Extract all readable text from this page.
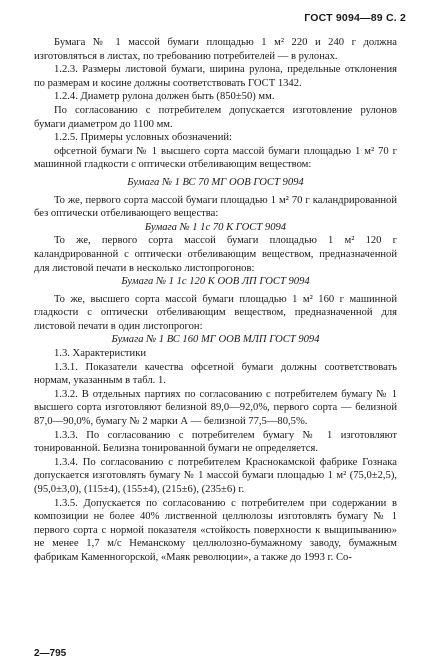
ГОСТ 9094—89 С. 2

Бумага № 1 массой бумаги площадью 1 м² 220 и 240 г должна изготовляться в листах, по требованию потребителей — в рулонах.

1.2.3. Размеры листовой бумаги, ширина рулона, предельные отклонения по размерам и косине должны соответствовать ГОСТ 1342.

1.2.4. Диаметр рулона должен быть (850±50) мм.

По согласованию с потребителем допускается изготовление рулонов бумаги диаметром до 1100 мм.

1.2.5. Примеры условных обозначений:

офсетной бумаги № 1 высшего сорта массой бумаги площадью 1 м² 70 г машинной гладкости с оптически отбеливающим веществом:

Бумага № 1 ВС 70 МГ ООВ ГОСТ 9094

То же, первого сорта массой бумаги площадью 1 м² 70 г каландрированной без оптически отбеливающего вещества:

Бумага № 1 1с 70 К ГОСТ 9094

То же, первого сорта массой бумаги площадью 1 м² 120 г каландрированной с оптически отбеливающим веществом, предназначенной для листовой печати в несколько листопрогонов:

Бумага № 1 1с 120 К ООВ ЛП ГОСТ 9094

То же, высшего сорта массой бумаги площадью 1 м² 160 г машинной гладкости с оптически отбеливающим веществом, предназначенной для листовой печати в один листопрогон:

Бумага № 1 ВС 160 МГ ООВ МЛП ГОСТ 9094

1.3. Характеристики

1.3.1. Показатели качества офсетной бумаги должны соответствовать нормам, указанным в табл. 1.

1.3.2. В отдельных партиях по согласованию с потребителем бумагу № 1 высшего сорта изготовляют белизной 89,0—92,0%, первого сорта — белизной 87,0—90,0%, бумагу № 2 марки А — белизной 77,5—80,5%.

1.3.3. По согласованию с потребителем бумагу № 1 изготовляют тонированной. Белизна тонированной бумаги не определяется.

1.3.4. По согласованию с потребителем Краснокамской фабрике Гознака допускается изготовлять бумагу № 1 массой бумаги площадью 1 м² (75,0±2,5), (95,0±3,0), (115±4), (155±4), (215±6), (235±6) г.

1.3.5. Допускается по согласованию с потребителем при содержании в композиции не более 40% лиственной целлюлозы изготовлять бумагу № 1 первого сорта с нормой показателя «стойкость поверхности к выщипыванию» не менее 1,7 м/с Неманскому целлюлозно-бумажному заводу, бумажным фабрикам Каменногорской, «Маяк революции», а также до 1993 г. Со-

2—795
